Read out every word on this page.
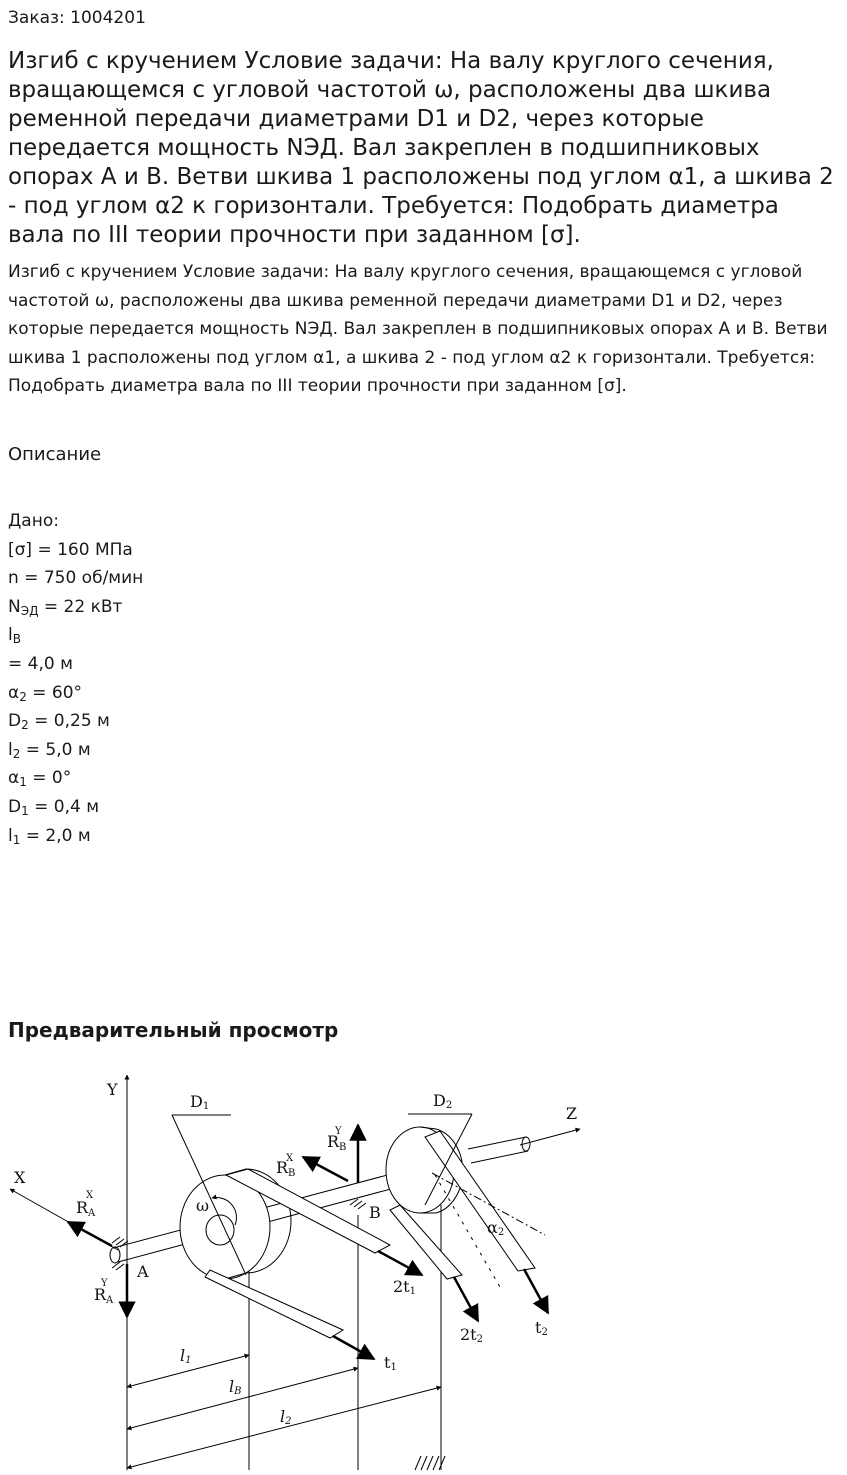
Заказ: 1004201
Изгиб с кручением Условие задачи: На валу круглого сечения, вращающемся с угловой частотой ω, расположены два шкива ременной передачи диаметрами D1 и D2, через которые передается мощность NЭД. Вал закреплен в подшипниковых опорах А и В. Ветви шкива 1 расположены под углом α1, а шкива 2 - под углом α2 к горизонтали. Требуется: Подобрать диаметра вала по III теории прочности при заданном [σ].
Изгиб с кручением Условие задачи: На валу круглого сечения, вращающемся с угловой частотой ω, расположены два шкива ременной передачи диаметрами D1 и D2, через которые передается мощность NЭД. Вал закреплен в подшипниковых опорах А и В. Ветви шкива 1 расположены под углом α1, а шкива 2 - под углом α2 к горизонтали. Требуется: Подобрать диаметра вала по III теории прочности при заданном [σ].
Описание
Дано:
[σ] = 160 МПа
n = 750 об/мин
$N_{ЭД} = 22$ кВт
$l_B$
= 4,0 м
$\alpha_2 = 60^\circ$
$D_2 = 0,25$ м
$l_2 = 5,0$ м
$\alpha_1 = 0^\circ$
$D_1 = 0,4$ м
$l_1 = 2,0$ м
Предварительный просмотр
Y
X
Z
D1	D2
RA
X
RA
Y
RB
X
RB
Y
A
B
ω
2t1
t1
2t2
t2
α2
l1
lB
l2
